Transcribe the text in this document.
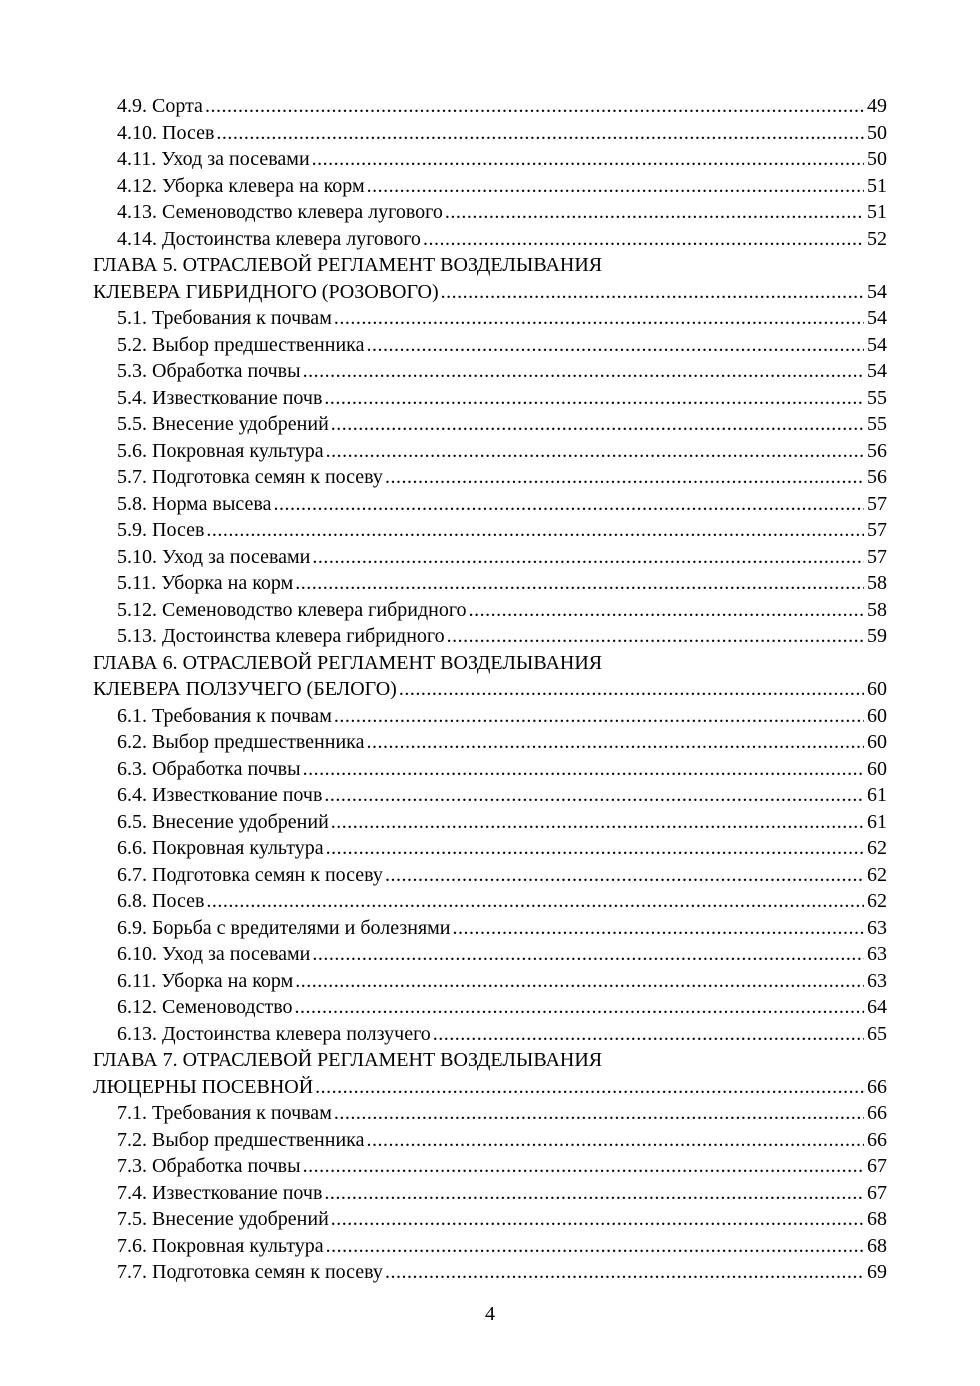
4.9. Сорта .....	49
4.10. Посев .....	50
4.11. Уход за посевами .....	50
4.12. Уборка клевера на корм .....	51
4.13. Семеноводство клевера лугового .....	51
4.14. Достоинства клевера лугового .....	52
ГЛАВА 5. ОТРАСЛЕВОЙ РЕГЛАМЕНТ ВОЗДЕЛЫВАНИЯ
КЛЕВЕРА ГИБРИДНОГО (РОЗОВОГО) .....	54
5.1. Требования к почвам .....	54
5.2. Выбор предшественника .....	54
5.3. Обработка почвы .....	54
5.4. Известкование почв .....	55
5.5. Внесение удобрений .....	55
5.6. Покровная культура .....	56
5.7. Подготовка семян к посеву .....	56
5.8. Норма высева .....	57
5.9. Посев .....	57
5.10. Уход за посевами .....	57
5.11. Уборка на корм .....	58
5.12. Семеноводство клевера гибридного .....	58
5.13. Достоинства клевера гибридного .....	59
ГЛАВА 6. ОТРАСЛЕВОЙ РЕГЛАМЕНТ ВОЗДЕЛЫВАНИЯ
КЛЕВЕРА ПОЛЗУЧЕГО (БЕЛОГО) .....	60
6.1. Требования к почвам .....	60
6.2. Выбор предшественника .....	60
6.3. Обработка почвы .....	60
6.4. Известкование почв .....	61
6.5. Внесение удобрений .....	61
6.6. Покровная культура .....	62
6.7. Подготовка семян к посеву .....	62
6.8. Посев .....	62
6.9. Борьба с вредителями и болезнями .....	63
6.10. Уход за посевами .....	63
6.11. Уборка на корм .....	63
6.12. Семеноводство .....	64
6.13. Достоинства клевера ползучего .....	65
ГЛАВА 7. ОТРАСЛЕВОЙ РЕГЛАМЕНТ ВОЗДЕЛЫВАНИЯ
ЛЮЦЕРНЫ ПОСЕВНОЙ .....	66
7.1. Требования к почвам .....	66
7.2. Выбор предшественника .....	66
7.3. Обработка почвы .....	67
7.4. Известкование почв .....	67
7.5. Внесение удобрений .....	68
7.6. Покровная культура .....	68
7.7. Подготовка семян к посеву .....	69
4
